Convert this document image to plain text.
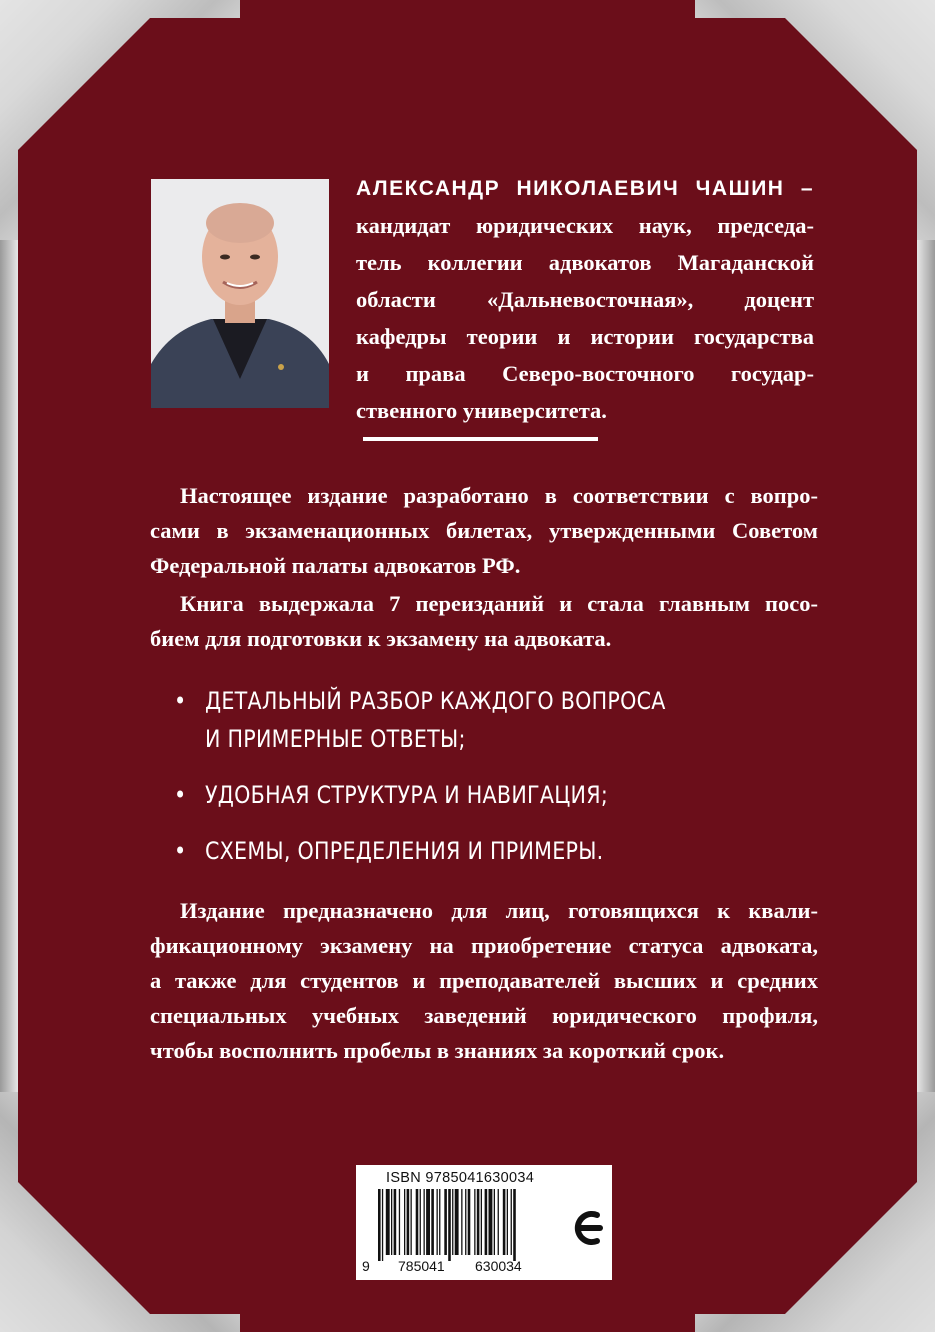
АЛЕКСАНДР НИКОЛАЕВИЧ ЧАШИН –
кандидат юридических наук, председа-
тель коллегии адвокатов Магаданской
области «Дальневосточная», доцент
кафедры теории и истории государства
и права Северо-восточного государ-
ственного университета.
Настоящее издание разработано в соответствии с вопро-
сами в экзаменационных билетах, утвержденными Советом
Федеральной палаты адвокатов РФ.
Книга выдержала 7 переизданий и стала главным посо-
бием для подготовки к экзамену на адвоката.
• ДЕТАЛЬНЫЙ РАЗБОР КАЖДОГО ВОПРОСА
И ПРИМЕРНЫЕ ОТВЕТЫ;
• УДОБНАЯ СТРУКТУРА И НАВИГАЦИЯ;
• СХЕМЫ, ОПРЕДЕЛЕНИЯ И ПРИМЕРЫ.
Издание предназначено для лиц, готовящихся к квали-
фикационному экзамену на приобретение статуса адвоката,
а также для студентов и преподавателей высших и средних
специальных учебных заведений юридического профиля,
чтобы восполнить пробелы в знаниях за короткий срок.
ISBN 9785041630034
9 785041 630034
